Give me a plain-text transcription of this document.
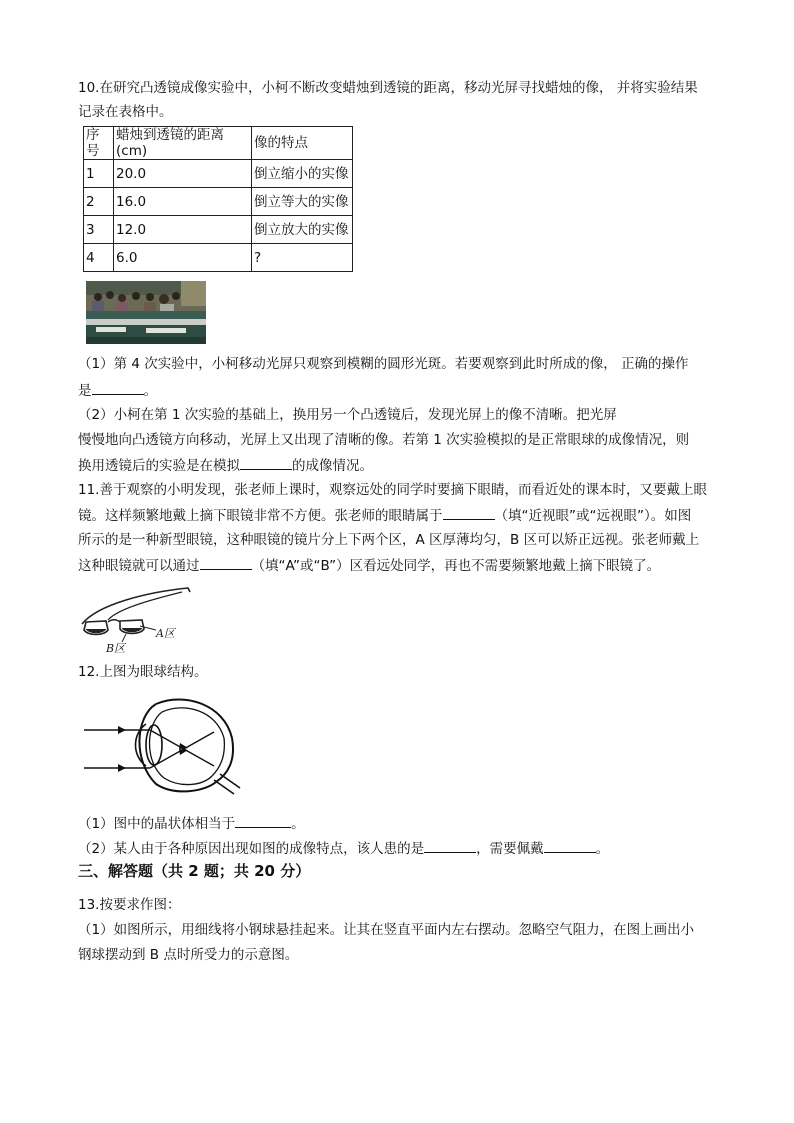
10.在研究凸透镜成像实验中，小柯不断改变蜡烛到透镜的距离，移动光屏寻找蜡烛的像， 并将实验结果
记录在表格中。
序号	蜡烛到透镜的距离(cm)	像的特点
1	20.0	倒立缩小的实像
2	16.0	倒立等大的实像
3	12.0	倒立放大的实像
4	6.0	?
（1）第 4 次实验中，小柯移动光屏只观察到模糊的圆形光斑。若要观察到此时所成的像， 正确的操作
是	。
（2）小柯在第 1 次实验的基础上，换用另一个凸透镜后，发现光屏上的像不清晰。把光屏
慢慢地向凸透镜方向移动，光屏上又出现了清晰的像。若第 1 次实验模拟的是正常眼球的成像情况，则
换用透镜后的实验是在模拟	的成像情况。
11.善于观察的小明发现，张老师上课时，观察远处的同学时要摘下眼睛，而看近处的课本时，又要戴上眼
镜。这样频繁地戴上摘下眼镜非常不方便。张老师的眼睛属于	（填“近视眼”或“远视眼”）。如图
所示的是一种新型眼镜，这种眼镜的镜片分上下两个区，A 区厚薄均匀，B 区可以矫正远视。张老师戴上
这种眼镜就可以通过	（填“A”或“B”）区看远处同学，再也不需要频繁地戴上摘下眼镜了。
A区
B区
12.上图为眼球结构。
（1）图中的晶状体相当于	。
（2）某人由于各种原因出现如图的成像特点，该人患的是	，需要佩戴	。
三、解答题（共 2 题；共 20 分）
13.按要求作图：
（1）如图所示，用细线将小钢球悬挂起来。让其在竖直平面内左右摆动。忽略空气阻力，在图上画出小
钢球摆动到 B 点时所受力的示意图。
